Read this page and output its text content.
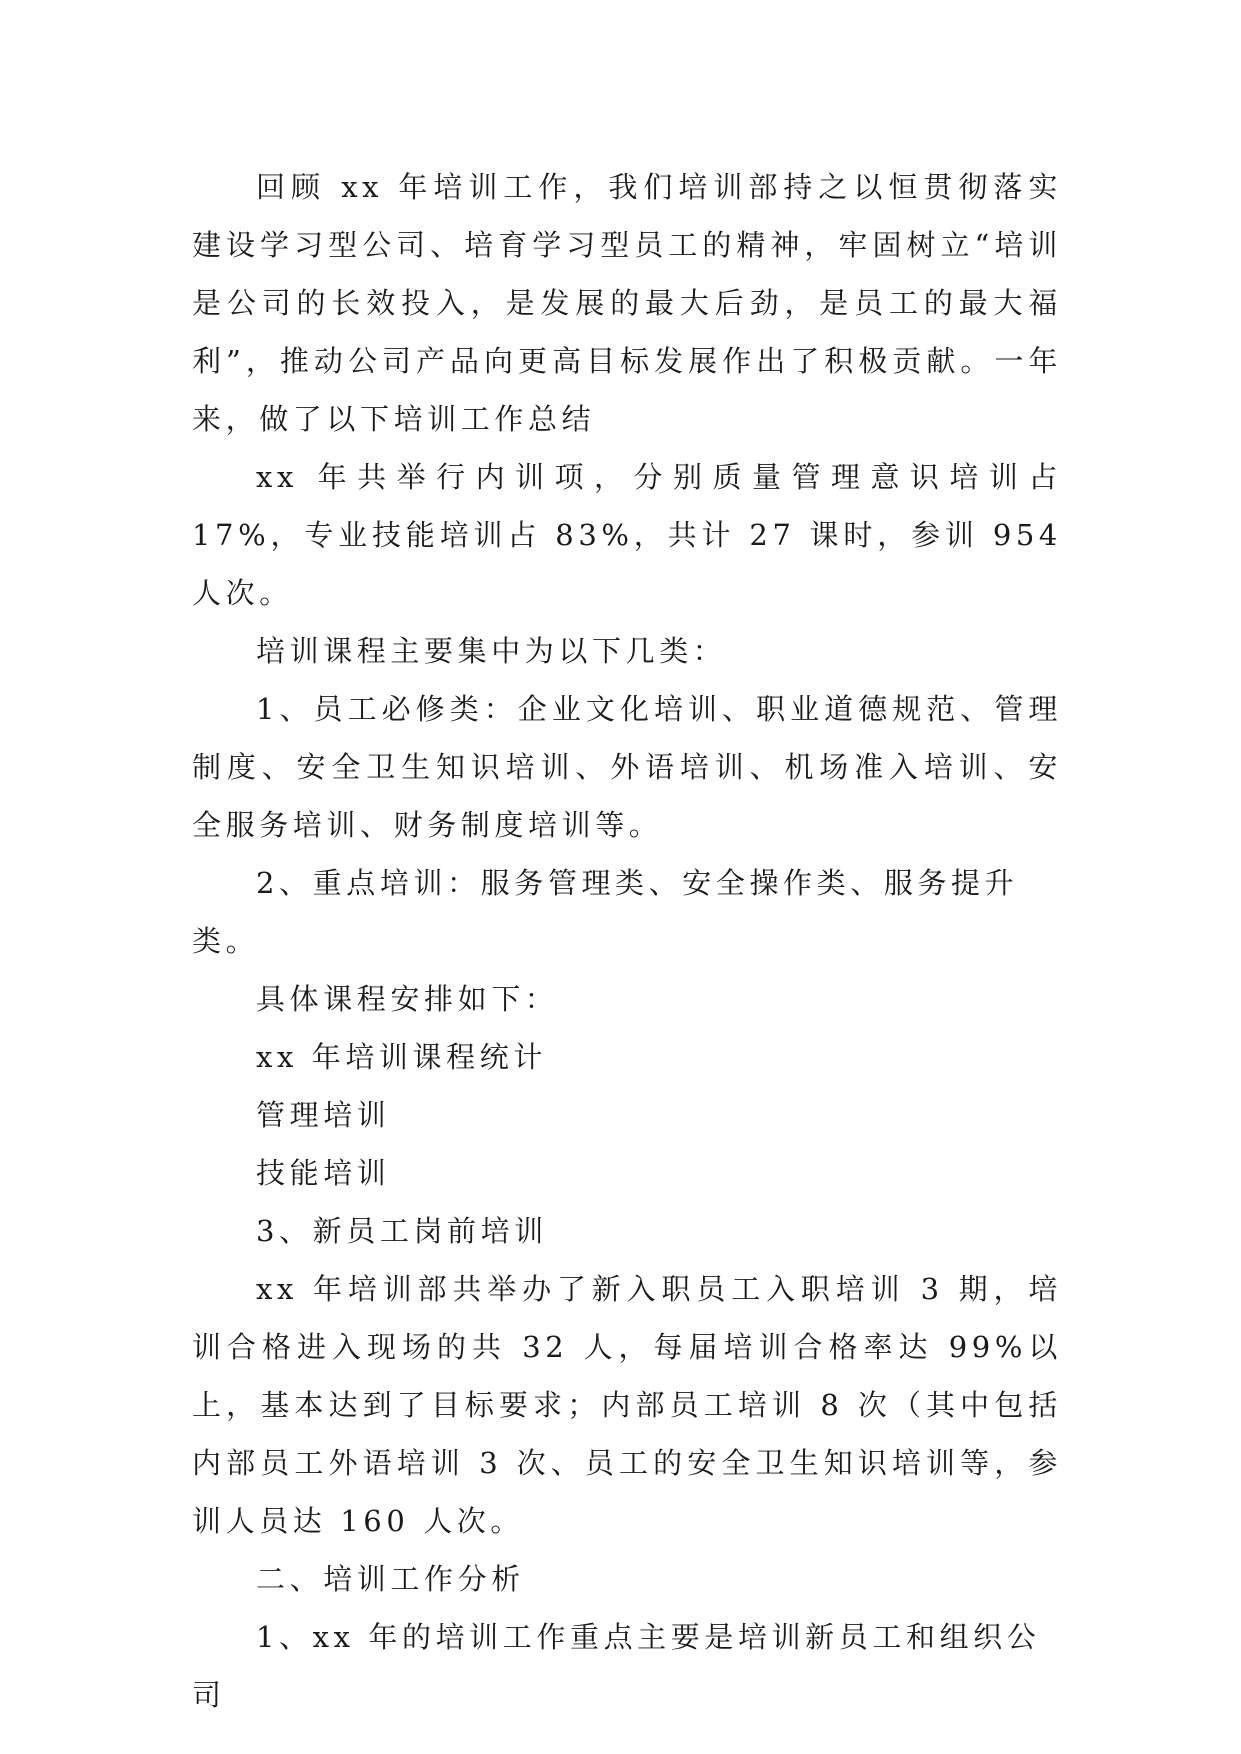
回顾 xx 年培训工作，我们培训部持之以恒贯彻落实建设学习型公司、培育学习型员工的精神，牢固树立“培训是公司的长效投入，是发展的最大后劲，是员工的最大福利”，推动公司产品向更高目标发展作出了积极贡献。一年来，做了以下培训工作总结

xx 年共举行内训项，分别质量管理意识培训占 17%，专业技能培训占 83%，共计 27 课时，参训 954 人次。

培训课程主要集中为以下几类：

1、员工必修类：企业文化培训、职业道德规范、管理制度、安全卫生知识培训、外语培训、机场准入培训、安全服务培训、财务制度培训等。

2、重点培训：服务管理类、安全操作类、服务提升类。

具体课程安排如下：

xx 年培训课程统计

管理培训

技能培训

3、新员工岗前培训

xx 年培训部共举办了新入职员工入职培训 3 期，培训合格进入现场的共 32 人，每届培训合格率达 99%以上，基本达到了目标要求；内部员工培训 8 次（其中包括内部员工外语培训 3 次、员工的安全卫生知识培训等，参训人员达 160 人次。

二、培训工作分析

1、xx 年的培训工作重点主要是培训新员工和组织公司
